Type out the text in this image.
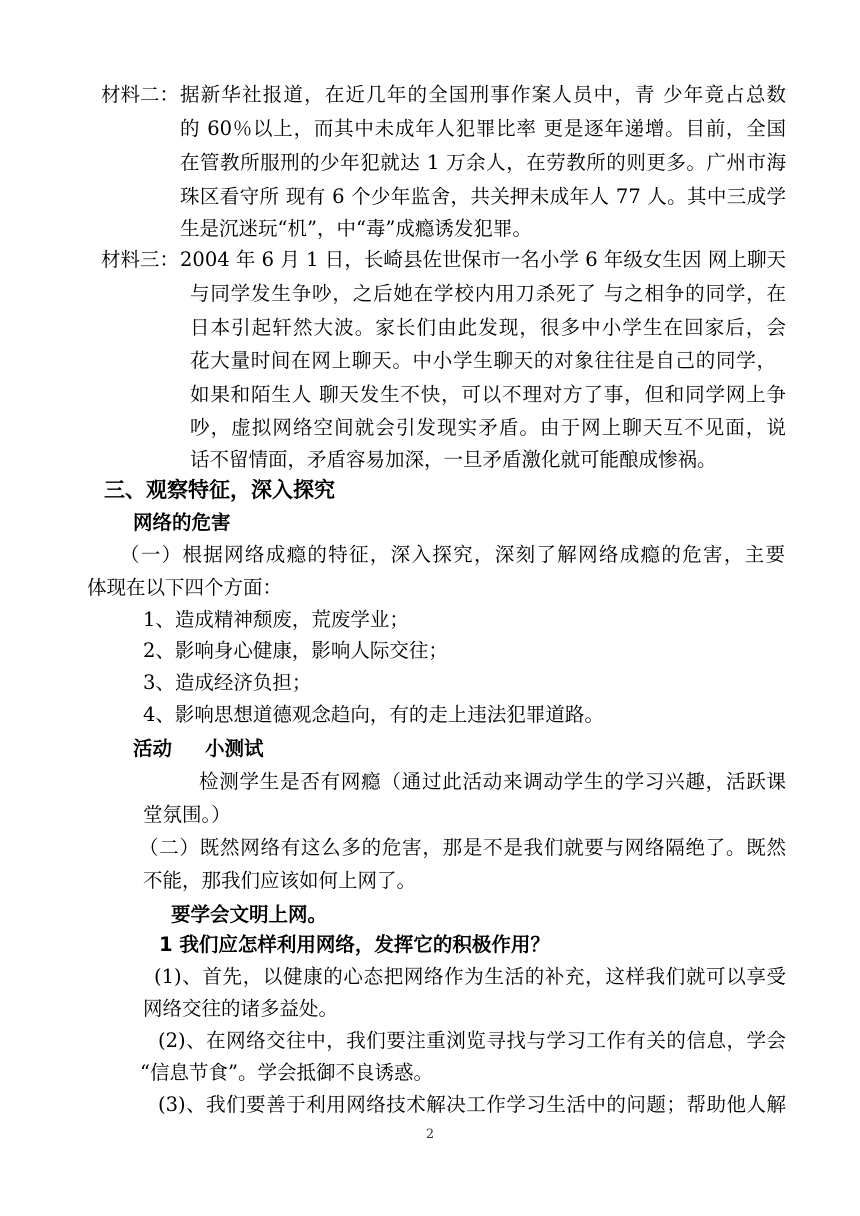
材料二： 据新华社报道，在近几年的全国刑事作案人员中，青 少年竟占总数
的 60％以上，而其中未成年人犯罪比率 更是逐年递增。目前，全国
在管教所服刑的少年犯就达 1 万余人，在劳教所的则更多。广州市海
珠区看守所 现有 6 个少年监舍，共关押未成年人 77 人。其中三成学
生是沉迷玩“机”，中“毒”成瘾诱发犯罪。
材料三： 2004 年 6 月 1 日，长崎县佐世保市一名小学 6 年级女生因 网上聊天
与同学发生争吵，之后她在学校内用刀杀死了 与之相争的同学，在
日本引起轩然大波。家长们由此发现，很多中小学生在回家后，会
花大量时间在网上聊天。中小学生聊天的对象往往是自己的同学，
如果和陌生人 聊天发生不快，可以不理对方了事，但和同学网上争
吵，虚拟网络空间就会引发现实矛盾。由于网上聊天互不见面，说
话不留情面，矛盾容易加深，一旦矛盾激化就可能酿成惨祸。
三、观察特征，深入探究
网络的危害
（一）根据网络成瘾的特征，深入探究，深刻了解网络成瘾的危害，主要
体现在以下四个方面：
1、造成精神颓废，荒废学业；
2、影响身心健康，影响人际交往；
3、造成经济负担；
4、影响思想道德观念趋向，有的走上违法犯罪道路。
活动 小测试
检测学生是否有网瘾（通过此活动来调动学生的学习兴趣，活跃课
堂氛围。）
（二）既然网络有这么多的危害，那是不是我们就要与网络隔绝了。既然
不能，那我们应该如何上网了。
要学会文明上网。
1 我们应怎样利用网络，发挥它的积极作用？
(1)、首先，以健康的心态把网络作为生活的补充，这样我们就可以享受
网络交往的诸多益处。
(2)、在网络交往中，我们要注重浏览寻找与学习工作有关的信息，学会
“信息节食”。学会抵御不良诱惑。
(3)、我们要善于利用网络技术解决工作学习生活中的问题；帮助他人解
2
